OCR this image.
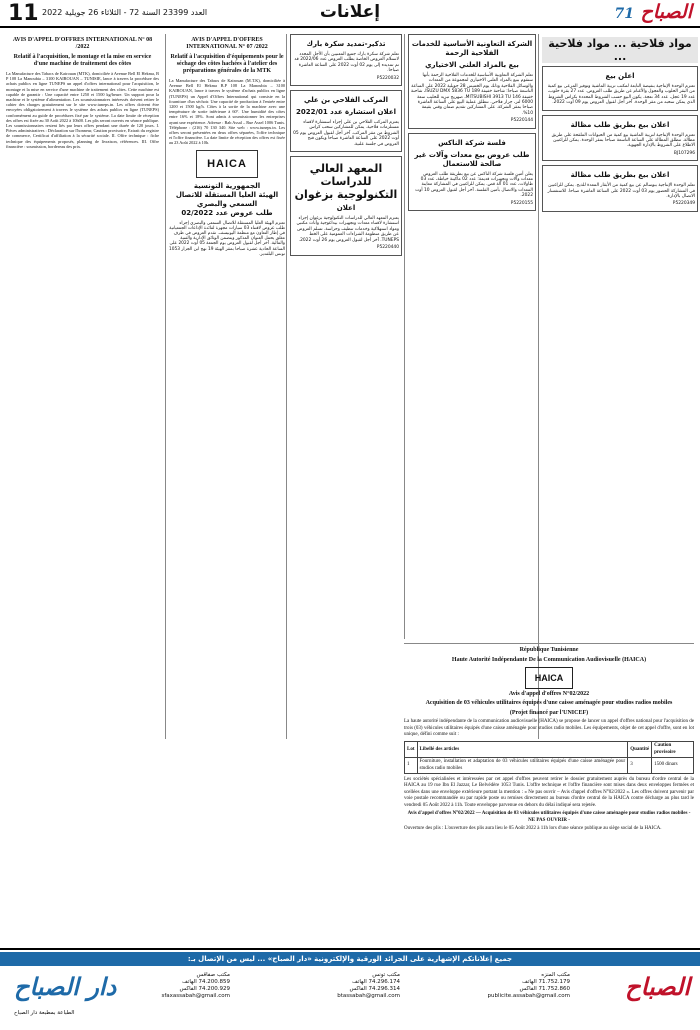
11 العدد 23399 السنة 72 - الثلاثاء 26 جويلية 2022	إعلانات	الصباح 71
AVIS D'APPEL D'OFFRES INTERNATIONAL N° 08 /2022
Relatif à l'acquisition, le montage et la mise en service d'une machine de traitement des côtes

La Manufacture des Tabacs de Kairouan (MTK), domiciliée à Avenue Bell El Hekma, B P 108 La Manoubia – 3100 KAIROUAN – TUNISIE, lance à travers la procédure des achats publics en ligne TUNEPS un appel d'offres international pour l'acquisition, le montage et la mise en service d'une machine de traitement des côtes. Cette machine est capable de garantir : Une capacité entre 1250 et 1500 kg/heure. Un support pour la machine et le système d'alimentation. Les soumissionnaires intéressés doivent retirer le cahier des charges gratuitement sur le site www.tuneps.tn. Les offres doivent être envoyées obligatoirement à travers le système des achats publics en ligne (TUNEPS) conformément au guide de procédures fixé par le système. La date limite de réception des offres est fixée au 30 Août 2022 à 10h00. Les plis seront ouverts en séance publique. Les soumissionnaires restent liés par leurs offres pendant une durée de 120 jours. I. Pièces administratives : Déclaration sur l'honneur, Caution provisoire, Extrait du registre de commerce, Certificat d'affiliation à la sécurité sociale. II. Offre technique : fiche technique des équipements proposés, planning de livraison, références. III. Offre financière : soumission, bordereau des prix.

AVIS D'APPEL D'OFFRES INTERNATIONAL N° 07 /2022
Relatif à l'acquisition d'équipements pour le séchage des côtes hachées à l'atelier des préparations générales de la MTK

La Manufacture des Tabacs de Kairouan (M.T.K), domiciliée à Avenue Bell El Hekma B.P 108 La Manoubia – 3100 KAIROUAN, lance à travers le système d'achats publics en ligne (TUNEPS) un Appel d'Offres International qui consiste en la fourniture d'un séchoir. Une capacité de production à l'entrée entre 1200 et 1500 kg/h. Côtes à la sortie de la machine avec une température de sortie inférieure à 60°. Une humidité des côtes entre 16% et 18%. Sont admis à soumissionner les entreprises ayant une expérience. Adresse : Bab Assal – Rue Assel 1006 Tunis. Téléphone : (216) 70 130 340. Site web : www.tuneps.tn. Les offres seront présentées en deux offres séparées, l'offre technique et l'offre financière. La date limite de réception des offres est fixée au 23 Août 2022 à 10h.

HAICA
الجمهورية التونسية
الهيئة العليا المستقلة للاتصال السمعي والبصري
طلب عروض عدد 02/2022

تعتزم الهيئة العليا المستقلة للاتصال السمعي والبصري إجراء طلب عروض لاقتناء 03 سيارات مجهزة لفائدة الإذاعات الجمعياتية في إطار التعاون مع منظمة اليونيسف. تقدم العروض في ظرف مغلق يحمل العنوان المذكور ويتضمن الوثائق الإدارية والفنية والمالية. آخر أجل لقبول العروض يوم الجمعة 05 أوت 2022 على الساعة الحادية عشرة صباحا بمقر الهيئة 19 نهج ابن الجزار 1053 تونس البلفدير.

تذكير-تمديد سكرة بارك

تعلم شركة سكرة بارك جميع المعنيين بأن الأجل المحدد لاستلام العروض الخاصة بطلب العروض عدد 2022/06 قد تم تمديده إلى يوم 02 أوت 2022 على الساعة العاشرة صباحا.

P5220032

المركب الفلاحي بن علي
اعلان استشارة عدد 2022/01

يعتزم المركب الفلاحي بن علي إجراء استشارة لاقتناء مستلزمات فلاحية. يمكن للمشاركين سحب كراس الشروط من مقر المركب. آخر أجل لقبول العروض يوم 05 أوت 2022 على الساعة العاشرة صباحا ويكون فتح العروض في جلسة علنية.

المعهد العالي للدراسات التكنولوجية بزغوان
اعلان

يعتزم المعهد العالي للدراسات التكنولوجية بزغوان إجراء استشارة لاقتناء معدات وتجهيزات بيداغوجية وأثاث مكتبي ومواد استهلاكية وخدمات تنظيف وحراسة. تسلم العروض عن طريق منظومة الشراءات العمومية على الخط TUNEPS. آخر أجل لقبول العروض يوم 26 أوت 2022.

P5220440

الشركة التعاونية الأساسية للخدمات الفلاحية الرحمة
بيع بالمزاد العلني الاختياري

تعلم الشركة التعاونية الأساسية للخدمات الفلاحية الرحمة بأنها ستقوم ببيع بالمزاد العلني الاختياري لمجموعة من المعدات والوسائل الفلاحية وذلك يوم الخميس 28 جويلية 2022 على الساعة التاسعة صباحا: شاحنة خفيفة ISUZU DMX 5836 TU 189، شاحنة خفيفة MITSUBISHI 3913 TU 146، صهريج تبريد للحليب سعة 6000 لتر، جرار فلاحي. تنطلق عملية البيع على الساعة العاشرة صباحا بمقر الشركة. على المشاركين تقديم ضمان وقتي بقيمة 10%.

P5220144

فلسة شركة الناكس
طلب عروض بيع معدات وآلات غير صالحة للاستعمال

يعلن أمين فلسة شركة الناكس عن بيع بطريقة طلب العروض معدات وآلات وتجهيزات قديمة: عدد 02 ماكينة خياطة، عدد 03 طاولات، عدد 01 آلة قص. يمكن للراغبين في المشاركة معاينة المعدات والاتصال بأمين الفلسة. آخر أجل لقبول العروض 10 أوت 2022.

P5220155

مواد فلاحية ... مواد فلاحية ...
اعلن بيع

تعتزم الوحدة الإنتاجية بنفيضة التابعة لمكتب تربية الماشية وتوفير المرعى بيع كمية من البقر الحلوب والعجول والأغنام عن طريق طلب العروض. عدد 27 بقرة حلوب، عدد 19 عجل، عدد 34 نعجة. يكون البيع حسب الشروط المحددة بكراس الشروط الذي يمكن سحبه من مقر الوحدة. آخر أجل لقبول العروض يوم 09 أوت 2022.

اعلان بيع بطريق طلب مظالة

تعتزم الوحدة الإنتاجية لتربية الماشية بيع كمية من الحيوانات الملقحة على طريق مظالة. تنطلق المظالة على الساعة التاسعة صباحا بمقر الوحدة. يمكن للراغبين الاطلاع على الشروط بالإدارة الجهوية.

BJ107296

اعلان بيع بطريق طلب مظالة

تعلم الوحدة الإنتاجية ببوسالم عن بيع كمية من الأبقار المعدة للذبح. يمكن للراغبين في المشاركة الحضور يوم 03 أوت 2022 على الساعة العاشرة صباحا. للاستفسار الاتصال بالإدارة.

P5220349

République Tunisienne
Haute Autorité Indépendante De la Communication Audiovisuelle (HAICA)
HAICA
Avis d'appel d'offres N°02/2022
Acquisition de 03 véhicules utilitaires équipés d'une caisse aménagée pour studios radios mobiles
(Projet financé par l'UNICEF)

La haute autorité indépendante de la communication audiovisuelle (HAICA) se propose de lancer un appel d'offres national pour l'acquisition de trois (03) véhicules utilitaires équipés d'une caisse aménagée pour studios radio mobiles. Les équipements, objet de cet appel d'offre, sont en lot unique, défini comme suit :

Lot	Libellé des articles	Quantité	Caution provisoire
1	Fourniture, installation et adaptation de 03 véhicules utilitaires équipés d'une caisse aménagée pour studios radio mobiles	3	1500 dinars

Les sociétés spécialisées et intéressées par cet appel d'offres peuvent retirer le dossier gratuitement auprès du bureau d'ordre central de la HAICA au 19 rue Ibn El Jazzar, Le Belvédère 1053 Tunis. L'offre technique et l'offre financière sont mises dans deux enveloppes fermées et scellées dans une enveloppe extérieure portant la mention : « Ne pas ouvrir – Avis d'appel d'offres N°02/2022 ». Les offres doivent parvenir par voie postale recommandée ou par rapide poste ou remises directement au bureau d'ordre central de la HAICA contre décharge au plus tard le vendredi 05 Août 2022 à 11h. Toute enveloppe parvenue en dehors du délai indiqué sera rejetée.

Avis d'appel d'offres N°02/2022 — Acquisition de 03 véhicules utilitaires équipés d'une caisse aménagée pour studios radios mobiles - NE PAS OUVRIR -

Ouverture des plis : L'ouverture des plis aura lieu le 05 Août 2022 à 11h lors d'une séance publique au siège social de la HAICA.

جميع إعلاناتكم الإشهارية على الجرائد الورقية والإلكترونية «دار الصباح» ... ليس من الإتصال بـ:
الصباح
مكتب المنزه
71.752.179 الهاتف
71.752.860 الفاكس
publicite.assabah@gmail.com
مكتب تونس
74.296.174 الهاتف
74.296.314 الفاكس
btassabah@gmail.com
مكتب صفاقس
74.200.859 الهاتف
74.200.929 الفاكس
sfaxassabah@gmail.com
دار الصباح
الطباعة بمطبعة دار الصباح
